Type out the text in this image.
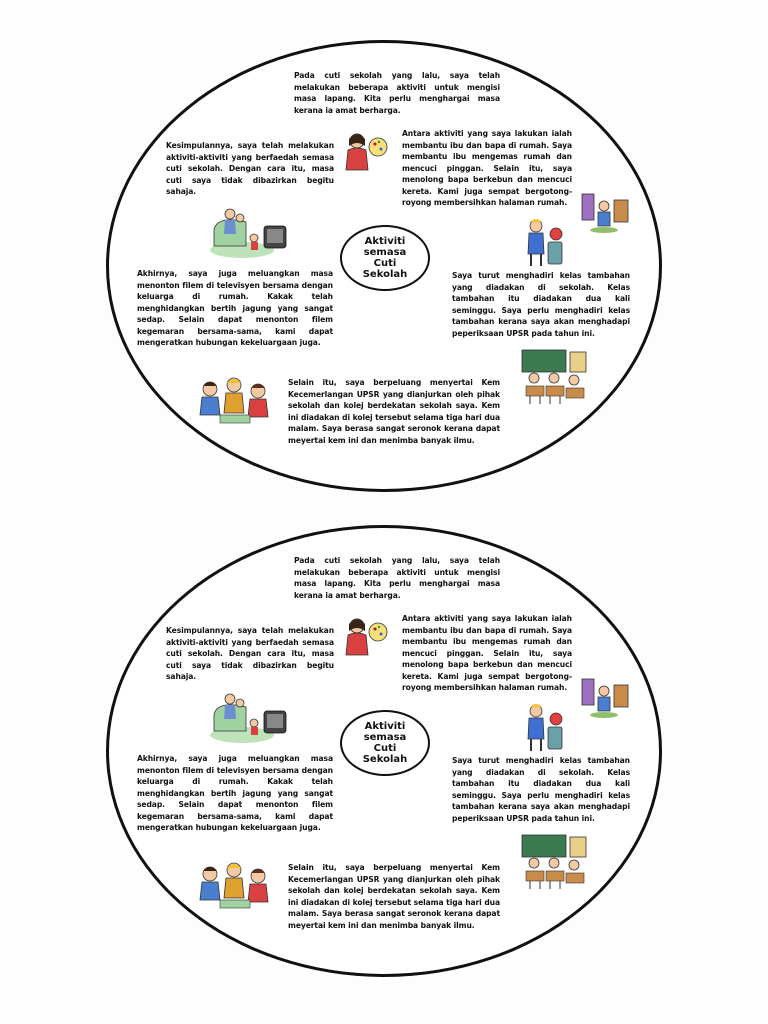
Aktiviti semasa Cuti Sekolah
Pada cuti sekolah yang lalu, saya telah melakukan beberapa aktiviti untuk mengisi masa lapang. Kita perlu menghargai masa kerana ia amat berharga.
Antara aktiviti yang saya lakukan ialah membantu ibu dan bapa di rumah. Saya membantu ibu mengemas rumah dan mencuci pinggan. Selain itu, saya menolong bapa berkebun dan mencuci kereta. Kami juga sempat bergotong-royong membersihkan halaman rumah.
Kesimpulannya, saya telah melakukan aktiviti-aktiviti yang berfaedah semasa cuti sekolah. Dengan cara itu, masa cuti saya tidak dibazirkan begitu sahaja.
Akhirnya, saya juga meluangkan masa menonton filem di televisyen bersama dengan keluarga di rumah. Kakak telah menghidangkan bertih jagung yang sangat sedap. Selain dapat menonton filem kegemaran bersama-sama, kami dapat mengeratkan hubungan kekeluargaan juga.
Saya turut menghadiri kelas tambahan yang diadakan di sekolah. Kelas tambahan itu diadakan dua kali seminggu. Saya perlu menghadiri kelas tambahan kerana saya akan menghadapi peperiksaan UPSR pada tahun ini.
Selain itu, saya berpeluang menyertai Kem Kecemerlangan UPSR yang dianjurkan oleh pihak sekolah dan kolej berdekatan sekolah saya. Kem ini diadakan di kolej tersebut selama tiga hari dua malam. Saya berasa sangat seronok kerana dapat meyertai kem ini dan menimba banyak ilmu.
Aktiviti semasa Cuti Sekolah
Pada cuti sekolah yang lalu, saya telah melakukan beberapa aktiviti untuk mengisi masa lapang. Kita perlu menghargai masa kerana ia amat berharga.
Antara aktiviti yang saya lakukan ialah membantu ibu dan bapa di rumah. Saya membantu ibu mengemas rumah dan mencuci pinggan. Selain itu, saya menolong bapa berkebun dan mencuci kereta. Kami juga sempat bergotong-royong membersihkan halaman rumah.
Kesimpulannya, saya telah melakukan aktiviti-aktiviti yang berfaedah semasa cuti sekolah. Dengan cara itu, masa cuti saya tidak dibazirkan begitu sahaja.
Akhirnya, saya juga meluangkan masa menonton filem di televisyen bersama dengan keluarga di rumah. Kakak telah menghidangkan bertih jagung yang sangat sedap. Selain dapat menonton filem kegemaran bersama-sama, kami dapat mengeratkan hubungan kekeluargaan juga.
Saya turut menghadiri kelas tambahan yang diadakan di sekolah. Kelas tambahan itu diadakan dua kali seminggu. Saya perlu menghadiri kelas tambahan kerana saya akan menghadapi peperiksaan UPSR pada tahun ini.
Selain itu, saya berpeluang menyertai Kem Kecemerlangan UPSR yang dianjurkan oleh pihak sekolah dan kolej berdekatan sekolah saya. Kem ini diadakan di kolej tersebut selama tiga hari dua malam. Saya berasa sangat seronok kerana dapat meyertai kem ini dan menimba banyak ilmu.
